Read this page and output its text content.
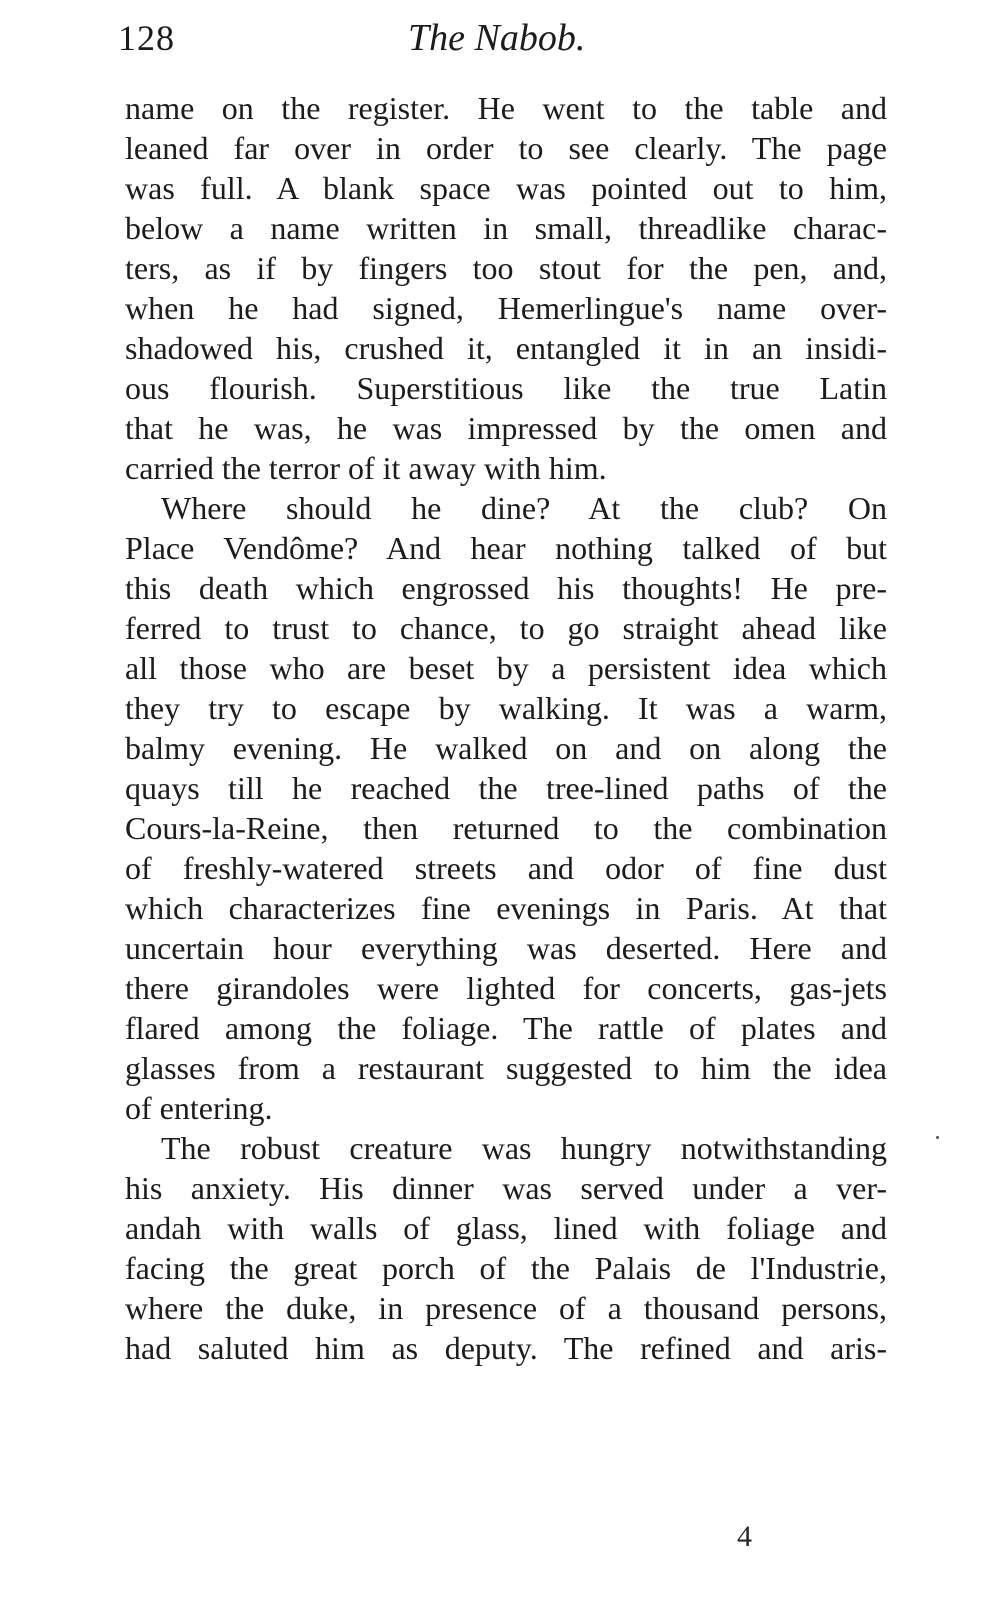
128	The Nabob.
name on the register. He went to the table and
leaned far over in order to see clearly. The page
was full. A blank space was pointed out to him,
below a name written in small, threadlike charac-
ters, as if by fingers too stout for the pen, and,
when he had signed, Hemerlingue's name over-
shadowed his, crushed it, entangled it in an insidi-
ous flourish. Superstitious like the true Latin
that he was, he was impressed by the omen and
carried the terror of it away with him.
Where should he dine? At the club? On
Place Vendôme? And hear nothing talked of but
this death which engrossed his thoughts! He pre-
ferred to trust to chance, to go straight ahead like
all those who are beset by a persistent idea which
they try to escape by walking. It was a warm,
balmy evening. He walked on and on along the
quays till he reached the tree-lined paths of the
Cours-la-Reine, then returned to the combination
of freshly-watered streets and odor of fine dust
which characterizes fine evenings in Paris. At that
uncertain hour everything was deserted. Here and
there girandoles were lighted for concerts, gas-jets
flared among the foliage. The rattle of plates and
glasses from a restaurant suggested to him the idea
of entering.
The robust creature was hungry notwithstanding
his anxiety. His dinner was served under a ver-
andah with walls of glass, lined with foliage and
facing the great porch of the Palais de l'Industrie,
where the duke, in presence of a thousand persons,
had saluted him as deputy. The refined and aris-
4
